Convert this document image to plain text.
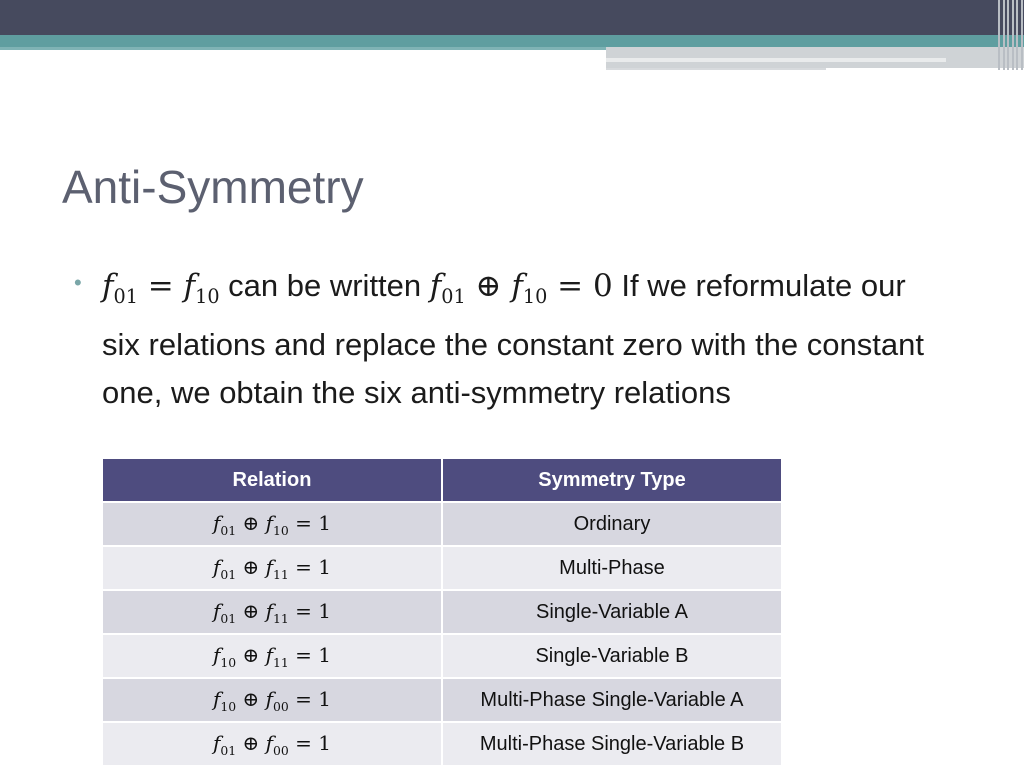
Anti-Symmetry
• $f_{01} = f_{10}$ can be written $f_{01}$ ⊕ $f_{10} = 0$ If we reformulate our six relations and replace the constant zero with the constant one, we obtain the six anti-symmetry relations
Relation	Symmetry Type
$f_{01}$ ⊕ $f_{10} = 1$	Ordinary
$f_{01}$ ⊕ $f_{11} = 1$	Multi-Phase
$f_{01}$ ⊕ $f_{11} = 1$	Single-Variable A
$f_{10}$ ⊕ $f_{11} = 1$	Single-Variable B
$f_{10}$ ⊕ $f_{00} = 1$	Multi-Phase Single-Variable A
$f_{01}$ ⊕ $f_{00} = 1$	Multi-Phase Single-Variable B
